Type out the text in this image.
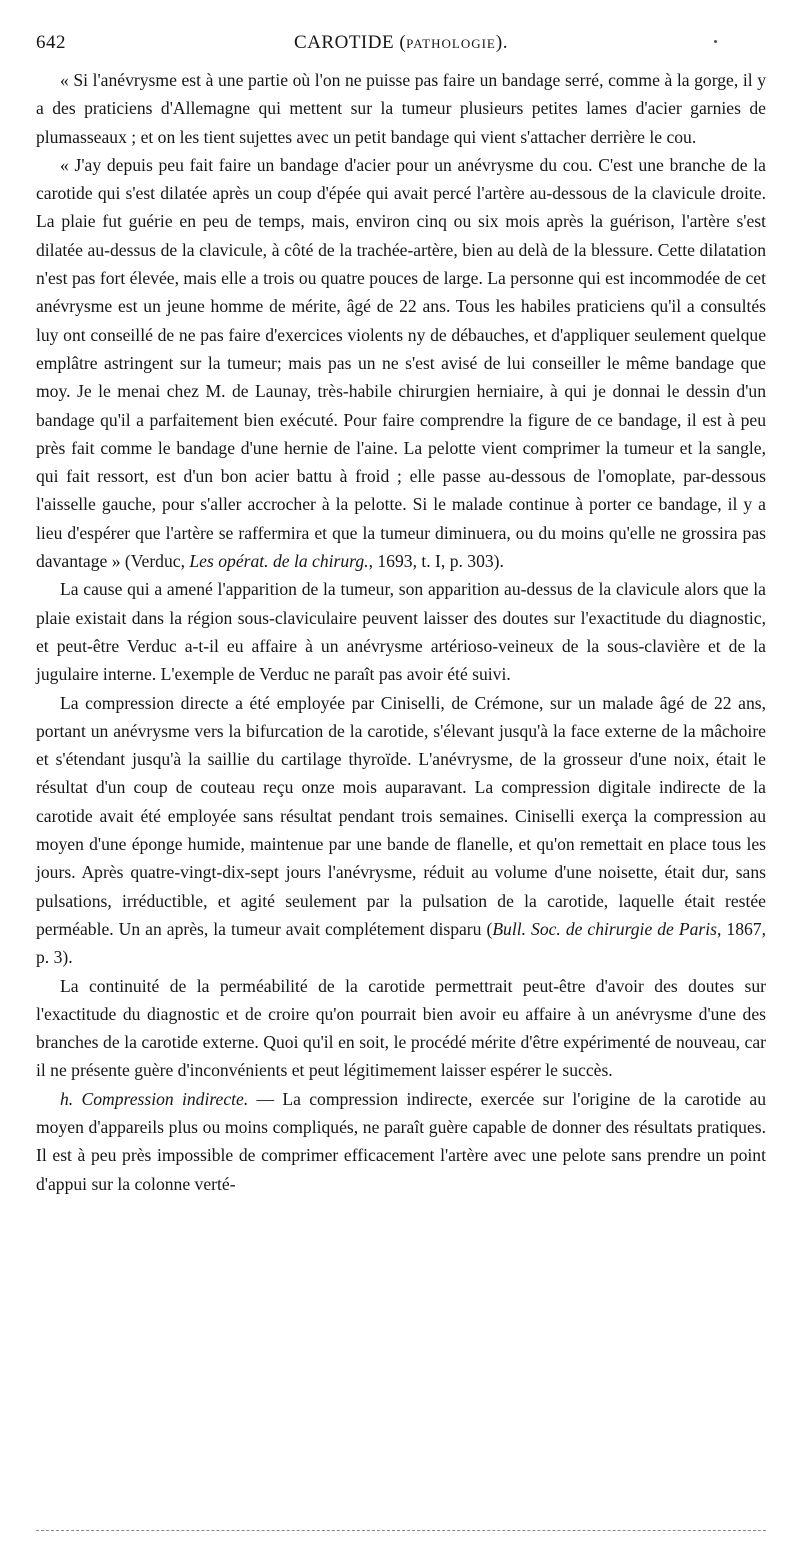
642	CAROTIDE (PATHOLOGIE).

« Si l'anévrysme est à une partie où l'on ne puisse pas faire un bandage serré, comme à la gorge, il y a des praticiens d'Allemagne qui mettent sur la tumeur plusieurs petites lames d'acier garnies de plumasseaux ; et on les tient sujettes avec un petit bandage qui vient s'attacher derrière le cou.

« J'ay depuis peu fait faire un bandage d'acier pour un anévrysme du cou. C'est une branche de la carotide qui s'est dilatée après un coup d'épée qui avait percé l'artère au-dessous de la clavicule droite. La plaie fut guérie en peu de temps, mais, environ cinq ou six mois après la guérison, l'artère s'est dilatée au-dessus de la clavicule, à côté de la trachée-artère, bien au delà de la blessure. Cette dilatation n'est pas fort élevée, mais elle a trois ou quatre pouces de large. La personne qui est incommodée de cet anévrysme est un jeune homme de mérite, âgé de 22 ans. Tous les habiles praticiens qu'il a consultés luy ont conseillé de ne pas faire d'exercices violents ny de débauches, et d'appliquer seulement quelque emplâtre astringent sur la tumeur; mais pas un ne s'est avisé de lui conseiller le même bandage que moy. Je le menai chez M. de Launay, très-habile chirurgien herniaire, à qui je donnai le dessin d'un bandage qu'il a parfaitement bien exécuté. Pour faire comprendre la figure de ce bandage, il est à peu près fait comme le bandage d'une hernie de l'aine. La pelotte vient comprimer la tumeur et la sangle, qui fait ressort, est d'un bon acier battu à froid ; elle passe au-dessous de l'omoplate, par-dessous l'aisselle gauche, pour s'aller accrocher à la pelotte. Si le malade continue à porter ce bandage, il y a lieu d'espérer que l'artère se raffermira et que la tumeur diminuera, ou du moins qu'elle ne grossira pas davantage » (Verduc, Les opérat. de la chirurg., 1693, t. I, p. 303).

La cause qui a amené l'apparition de la tumeur, son apparition au-dessus de la clavicule alors que la plaie existait dans la région sous-claviculaire peuvent laisser des doutes sur l'exactitude du diagnostic, et peut-être Verduc a-t-il eu affaire à un anévrysme artérioso-veineux de la sous-clavière et de la jugulaire interne. L'exemple de Verduc ne paraît pas avoir été suivi.

La compression directe a été employée par Ciniselli, de Crémone, sur un malade âgé de 22 ans, portant un anévrysme vers la bifurcation de la carotide, s'élevant jusqu'à la face externe de la mâchoire et s'étendant jusqu'à la saillie du cartilage thyroïde. L'anévrysme, de la grosseur d'une noix, était le résultat d'un coup de couteau reçu onze mois auparavant. La compression digitale indirecte de la carotide avait été employée sans résultat pendant trois semaines. Ciniselli exerça la compression au moyen d'une éponge humide, maintenue par une bande de flanelle, et qu'on remettait en place tous les jours. Après quatre-vingt-dix-sept jours l'anévrysme, réduit au volume d'une noisette, était dur, sans pulsations, irréductible, et agité seulement par la pulsation de la carotide, laquelle était restée perméable. Un an après, la tumeur avait complétement disparu (Bull. Soc. de chirurgie de Paris, 1867, p. 3).

La continuité de la perméabilité de la carotide permettrait peut-être d'avoir des doutes sur l'exactitude du diagnostic et de croire qu'on pourrait bien avoir eu affaire à un anévrysme d'une des branches de la carotide externe. Quoi qu'il en soit, le procédé mérite d'être expérimenté de nouveau, car il ne présente guère d'inconvénients et peut légitimement laisser espérer le succès.

h. Compression indirecte. — La compression indirecte, exercée sur l'origine de la carotide au moyen d'appareils plus ou moins compliqués, ne paraît guère capable de donner des résultats pratiques. Il est à peu près impossible de comprimer efficacement l'artère avec une pelote sans prendre un point d'appui sur la colonne verté-
